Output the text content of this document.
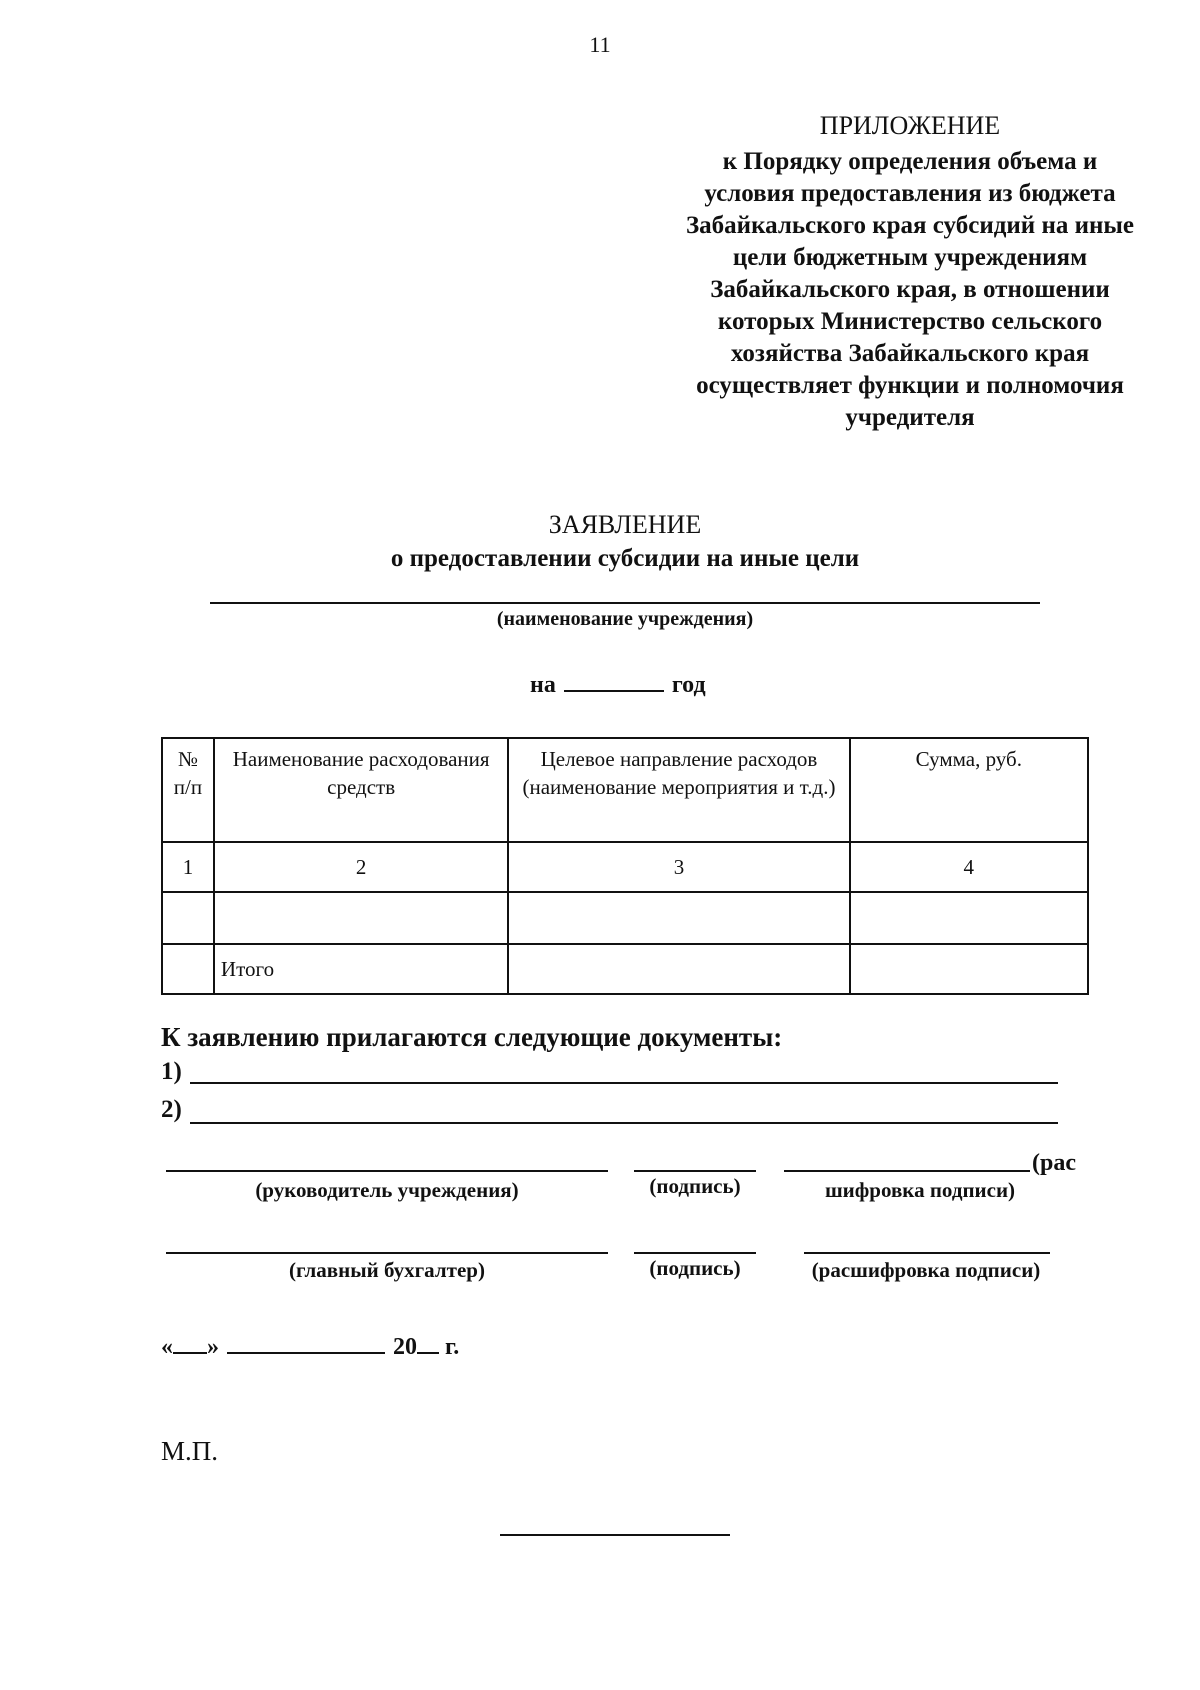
11
ПРИЛОЖЕНИЕ
к Порядку определения объема и
условия предоставления из бюджета
Забайкальского края субсидий на иные
цели бюджетным учреждениям
Забайкальского края, в отношении
которых Министерство сельского
хозяйства Забайкальского края
осуществляет функции и полномочия
учредителя
ЗАЯВЛЕНИЕ
о предоставлении субсидии на иные цели
(наименование учреждения)
на	год
№ п/п	Наименование расходования средств	Целевое направление расходов (наименование мероприятия и т.д.)	Сумма, руб.
1	2	3	4

	Итого		
К заявлению прилагаются следующие документы:
1)
2)
(рас
(руководитель учреждения)	(подпись)	шифровка подписи)
(главный бухгалтер)	(подпись)	(расшифровка подписи)
« »	20 г.
М.П.
